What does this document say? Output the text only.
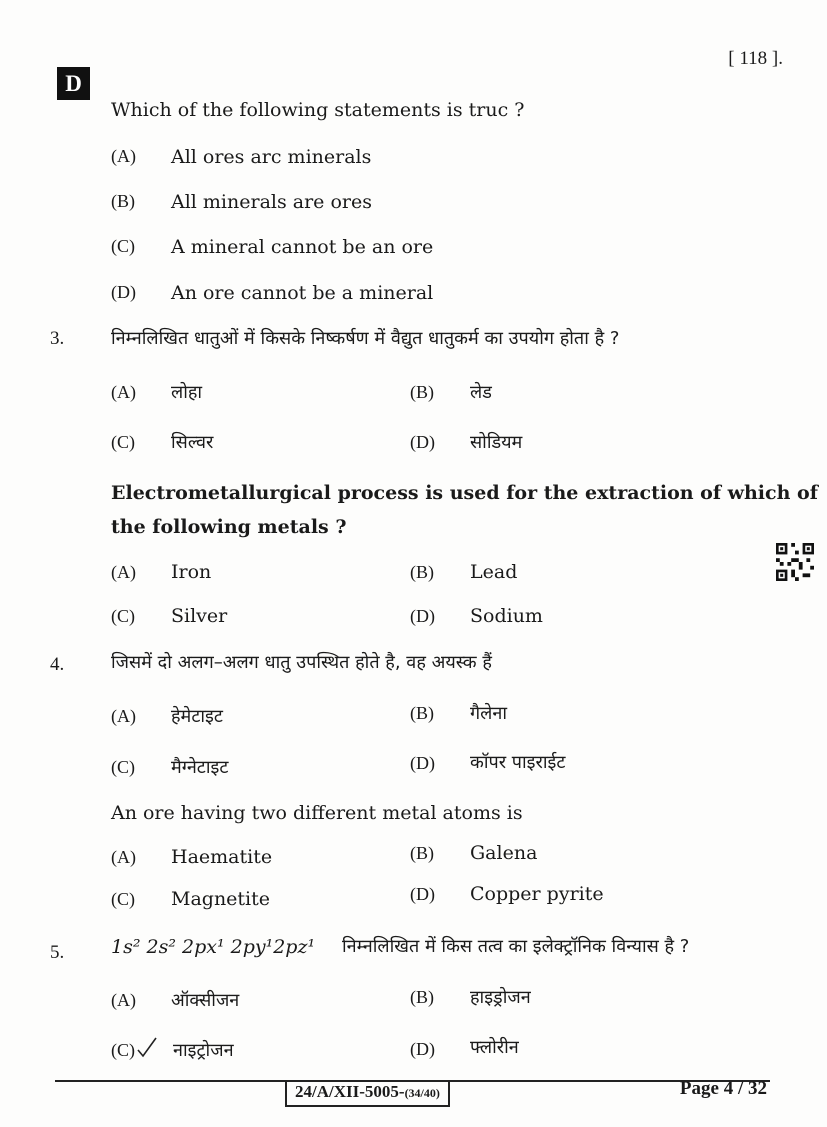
D
[ 118 ].
Which of the following statements is truc ?
(A) All ores arc minerals
(B) All minerals are ores
(C) A mineral cannot be an ore
(D) An ore cannot be a mineral
3.	निम्नलिखित धातुओं में किसके निष्कर्षण में वैद्युत धातुकर्म का उपयोग होता है ?
(A) लोहा	(B) लेड
(C) सिल्वर	(D) सोडियम
Electrometallurgical process is used for the extraction of which of
the following metals ?
(A) Iron	(B) Lead
(C) Silver	(D) Sodium
4.	जिसमें दो अलग–अलग धातु उपस्थित होते है, वह अयस्क हैं
(A) हेमेटाइट	(B) गैलेना
(C) मैग्नेटाइट	(D) कॉपर पाइराईट
An ore having two different metal atoms is
(A) Haematite	(B) Galena
(C) Magnetite	(D) Copper pyrite
5. 1s² 2s² 2px¹ 2py¹2pz¹ निम्नलिखित में किस तत्व का इलेक्ट्रॉनिक विन्यास है ?
(A) ऑक्सीजन	(B) हाइड्रोजन
(C) नाइट्रोजन	(D) फ्लोरीन
24/A/XII-5005-(34/40)	Page 4 / 32
